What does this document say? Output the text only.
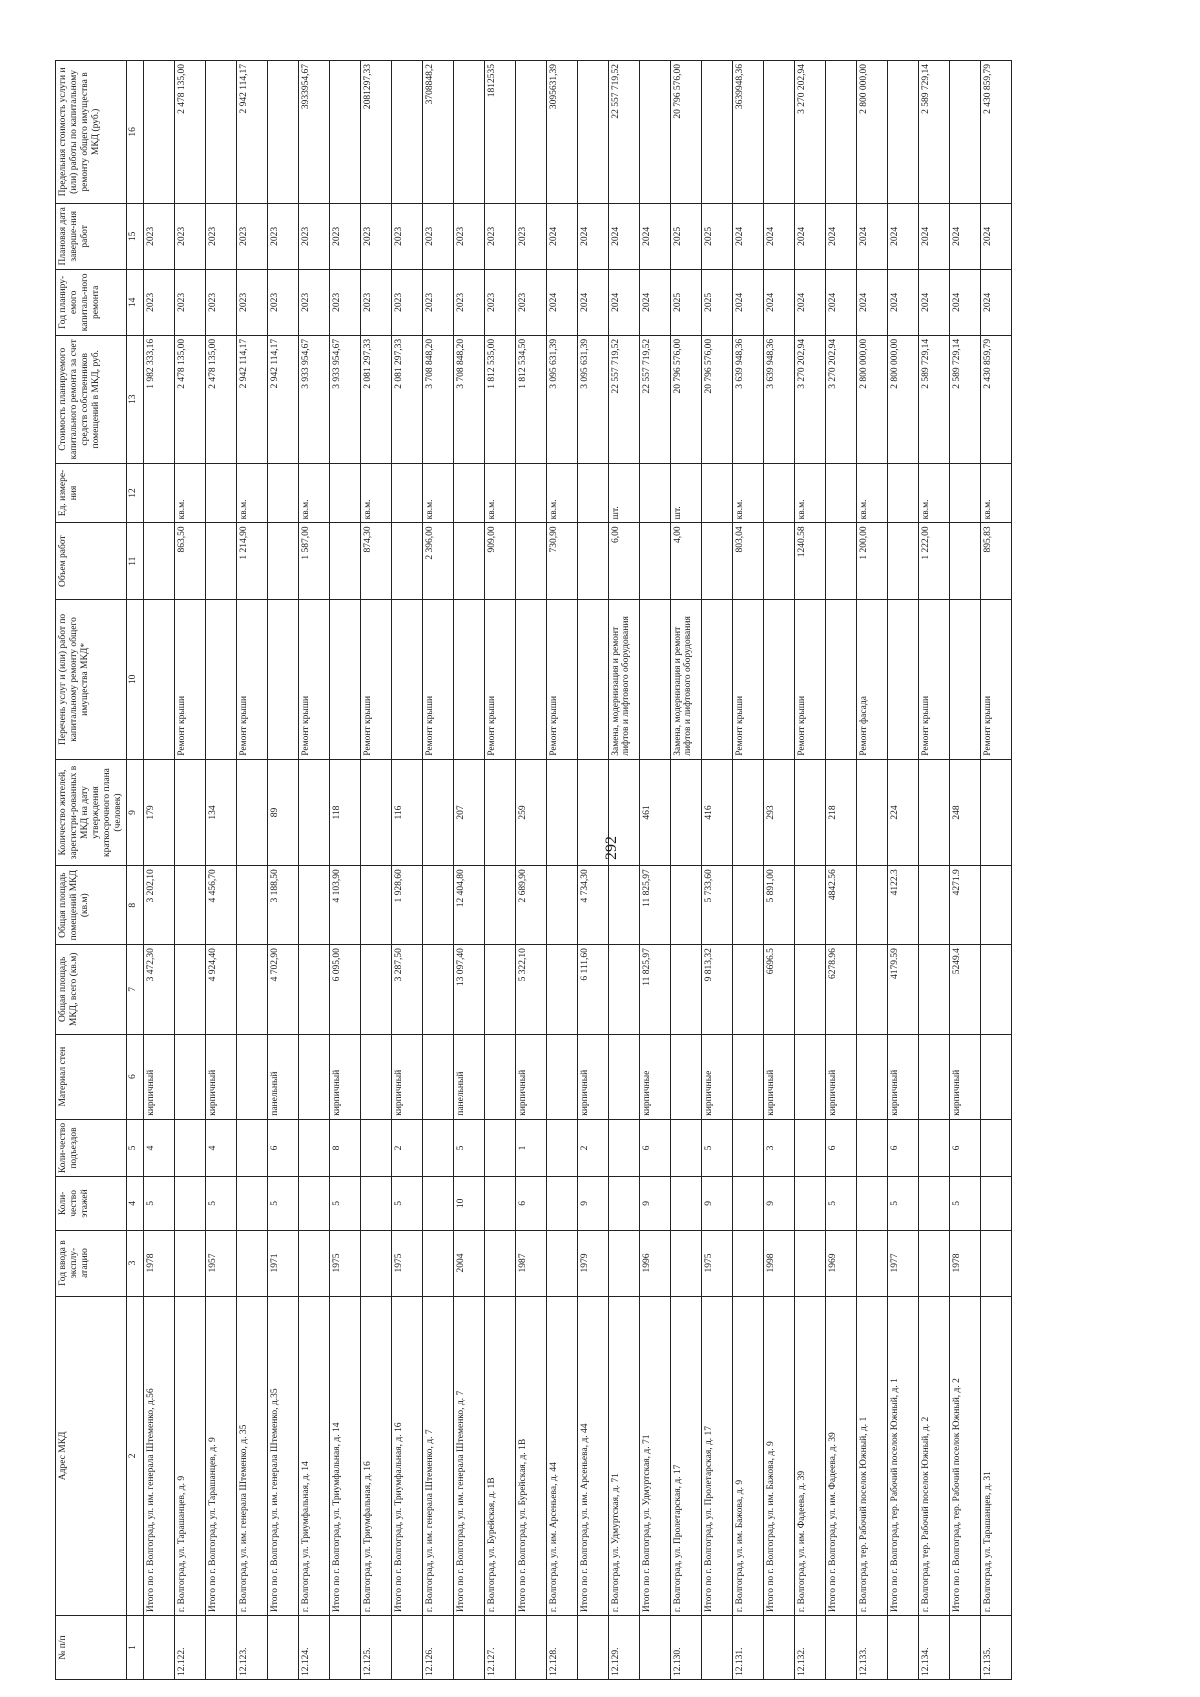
292
№ п/п	Адрес МКД	Год ввода в эксплу-атацию	Коли-чество этажей	Коли-чество подъездов	Материал стен	Общая площадь МКД, всего (кв.м)	Общая площадь помещений МКД (кв.м)	Количество жителей, зарегистри-рованных в МКД на дату утверждения краткосрочного плана (человек)	Перечень услуг и (или) работ по капитальному ремонту общего имущества МКД*	Объем работ	Ед. измере-ния	Стоимость планируемого капитального ремонта за счет средств собственников помещений в МКД, руб.	Год планиру-емого капиталь-ного ремонта	Плановая дата заверше-ния работ	Предельная стоимость услуги и (или) работы по капитальному ремонту общего имущества в МКД (руб.)
1	2	3	4	5	6	7	8	9	10	11	12	13	14	15	16
	Итого по г. Волгоград, ул. им. генерала Штеменко, д.56	1978	5	4	кирпичный	3 472,30	3 202,10	179				1 982 333,16	2023	2023	
12.122.	г. Волгоград, ул. Тарашанцев, д. 9								Ремонт крыши	863,50	кв.м.	2 478 135,00	2023	2023	2 478 135,00
	Итого по г. Волгоград, ул. Тарашанцев, д. 9	1957	5	4	кирпичный	4 924,40	4 456,70	134				2 478 135,00	2023	2023	
12.123.	г. Волгоград, ул. им. генерала Штеменко, д. 35								Ремонт крыши	1 214,90	кв.м.	2 942 114,17	2023	2023	2 942 114,17
	Итого по г. Волгоград, ул. им. генерала Штеменко, д.35	1971	5	6	панельный	4 702,90	3 188,50	89				2 942 114,17	2023	2023	
12.124.	г. Волгоград, ул. Триумфальная, д. 14								Ремонт крыши	1 587,00	кв.м.	3 933 954,67	2023	2023	3933954,67
	Итого по г. Волгоград, ул. Триумфальная, д. 14	1975	5	8	кирпичный	6 095,00	4 103,90	118				3 933 954,67	2023	2023	
12.125.	г. Волгоград, ул. Триумфальная, д. 16								Ремонт крыши	874,30	кв.м.	2 081 297,33	2023	2023	2081297,33
	Итого по г. Волгоград, ул. Триумфальная, д. 16	1975	5	2	кирпичный	3 287,50	1 928,60	116				2 081 297,33	2023	2023	
12.126.	г. Волгоград, ул. им. генерала Штеменко, д. 7								Ремонт крыши	2 396,00	кв.м.	3 708 848,20	2023	2023	3708848,2
	Итого по г. Волгоград, ул. им. генерала Штеменко, д. 7	2004	10	5	панельный	13 097,40	12 404,80	207				3 708 848,20	2023	2023	
12.127.	г. Волгоград, ул. Бурейская, д. 1В								Ремонт крыши	909,00	кв.м.	1 812 535,00	2023	2023	1812535
	Итого по г. Волгоград, ул. Бурейская, д. 1В	1987	6	1	кирпичный	5 322,10	2 689,90	259				1 812 534,50	2023	2023	
12.128.	г. Волгоград, ул. им. Арсеньева, д. 44								Ремонт крыши	730,90	кв.м.	3 095 631,39	2024	2024	3095631,39
	Итого по г. Волгоград, ул. им. Арсеньева, д. 44	1979	9	2	кирпичный	6 111,60	4 734,30					3 095 631,39	2024	2024	
12.129.	г. Волгоград, ул. Удмуртская, д. 71								Замена, модернизация и ремонт лифтов и лифтового оборудования	6,00	шт.	22 557 719,52	2024	2024	22 557 719,52
	Итого по г. Волгоград, ул. Удмуртская, д. 71	1996	9	6	кирпичные	11 825,97	11 825,97	461				22 557 719,52	2024	2024	
12.130.	г. Волгоград, ул. Пролетарская, д. 17								Замена, модернизация и ремонт лифтов и лифтового оборудования	4,00	шт.	20 796 576,00	2025	2025	20 796 576,00
	Итого по г. Волгоград, ул. Пролетарская, д. 17	1975	9	5	кирпичные	9 813,32	5 733,60	416				20 796 576,00	2025	2025	
12.131.	г. Волгоград, ул. им. Бажова, д. 9								Ремонт крыши	803,04	кв.м.	3 639 948,36	2024	2024	3639948,36
	Итого по г. Волгоград, ул. им. Бажова, д. 9	1998	9	3	кирпичный	6696.5	5 891,00	293				3 639 948,36	2024	2024	
12.132.	г. Волгоград, ул. им. Фадеева, д. 39								Ремонт крыши	1240.58	кв.м.	3 270 202,94	2024	2024	3 270 202,94
	Итого по г. Волгоград, ул. им. Фадеева, д. 39	1969	5	6	кирпичный	6278.96	4842.56	218				3 270 202,94	2024	2024	
12.133.	г. Волгоград, тер. Рабочий поселок Южный, д. 1								Ремонт фасада	1 200,00	кв.м.	2 800 000,00	2024	2024	2 800 000,00
	Итого по г. Волгоград, тер. Рабочий поселок Южный, д. 1	1977	5	6	кирпичный	4179.59	4122.3	224				2 800 000,00	2024	2024	
12.134.	г. Волгоград, тер. Рабочий поселок Южный, д. 2								Ремонт крыши	1 222,00	кв.м.	2 589 729,14	2024	2024	2 589 729,14
	Итого по г. Волгоград, тер. Рабочий поселок Южный, д. 2	1978	5	6	кирпичный	5249.4	4271.9	248				2 589 729,14	2024	2024	
12.135.	г. Волгоград, ул. Тарашанцев, д. 31								Ремонт крыши	895,83	кв.м.	2 430 859,79	2024	2024	2 430 859,79
